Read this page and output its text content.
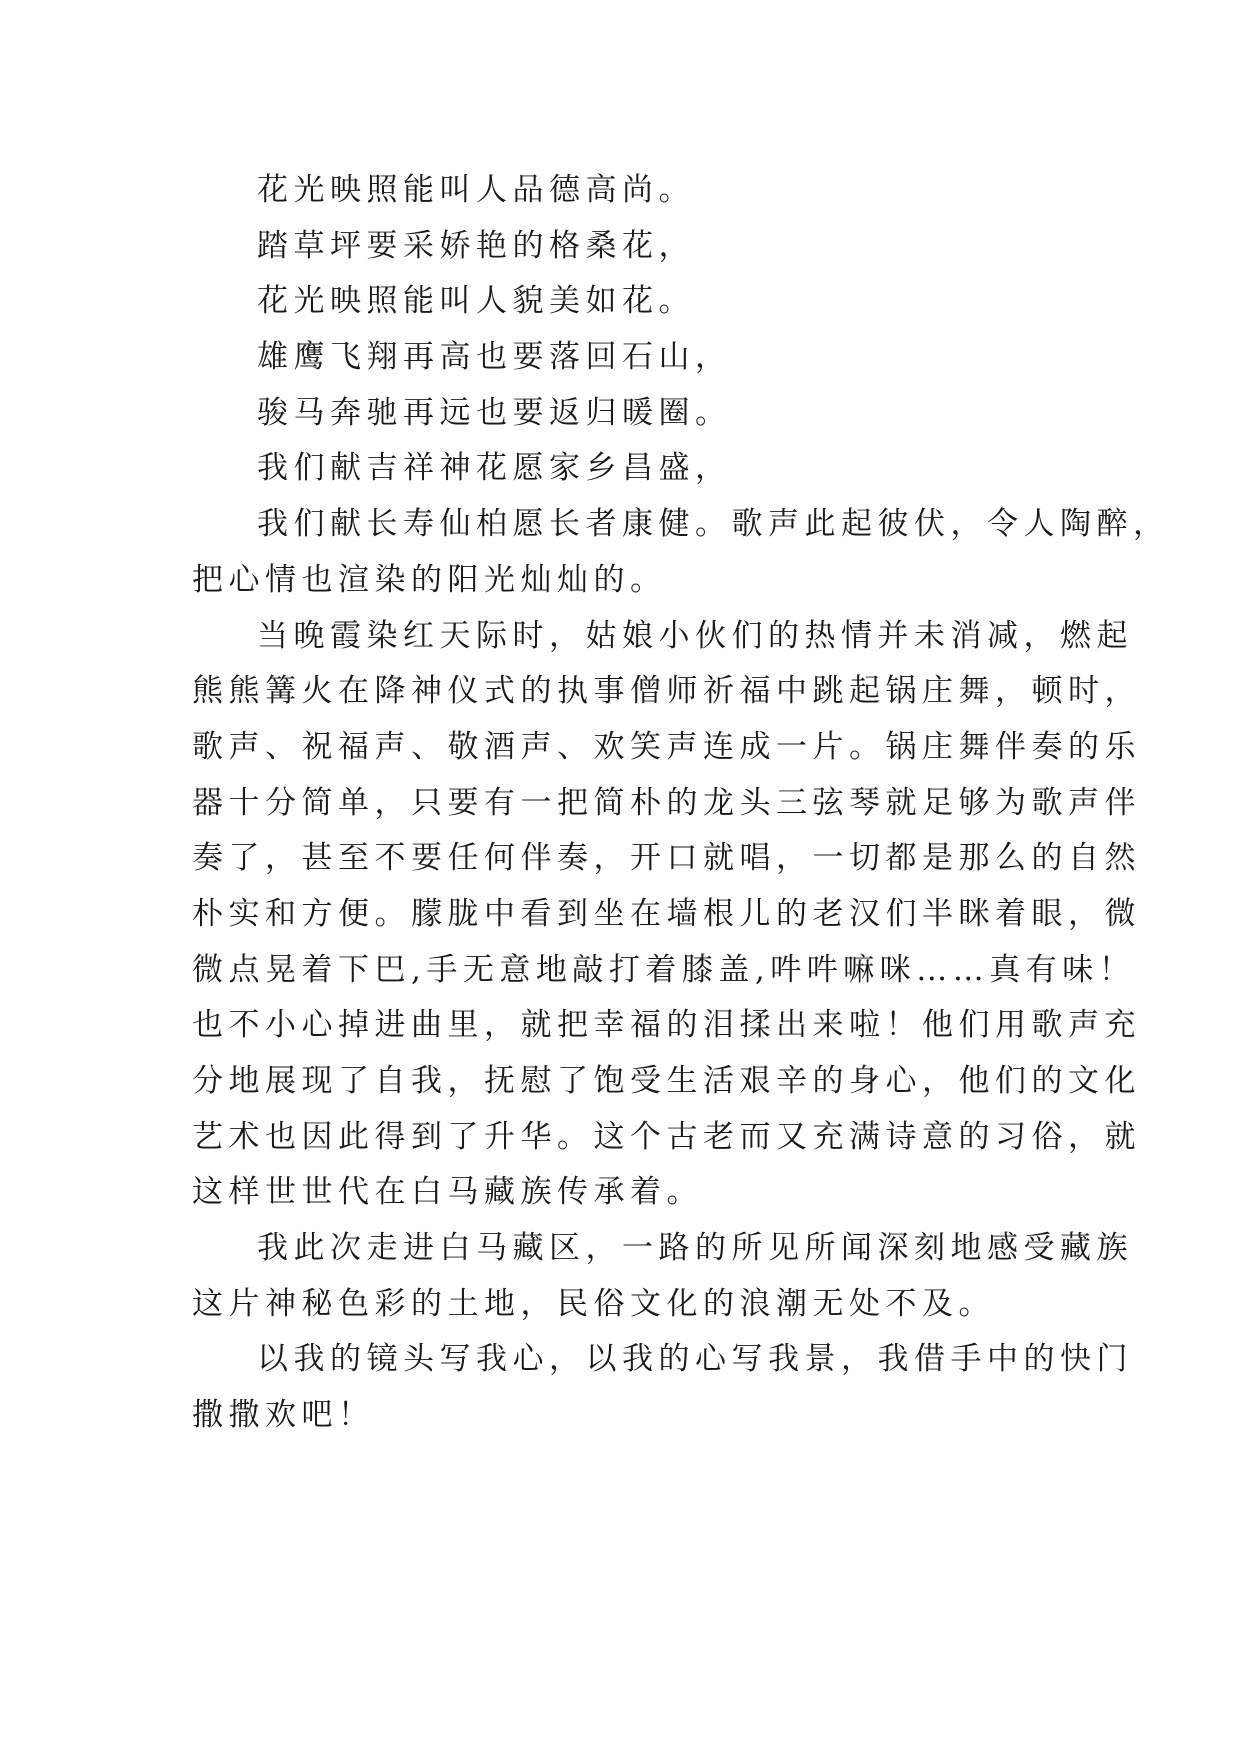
花光映照能叫人品德高尚。
踏草坪要采娇艳的格桑花，
花光映照能叫人貌美如花。
雄鹰飞翔再高也要落回石山，
骏马奔驰再远也要返归暖圈。
我们献吉祥神花愿家乡昌盛，
我们献长寿仙柏愿长者康健。歌声此起彼伏，令人陶醉，
把心情也渲染的阳光灿灿的。
当晚霞染红天际时，姑娘小伙们的热情并未消减，燃起
熊熊篝火在降神仪式的执事僧师祈福中跳起锅庄舞，顿时，
歌声、祝福声、敬酒声、欢笑声连成一片。锅庄舞伴奏的乐
器十分简单，只要有一把简朴的龙头三弦琴就足够为歌声伴
奏了，甚至不要任何伴奏，开口就唱，一切都是那么的自然
朴实和方便。朦胧中看到坐在墙根儿的老汉们半眯着眼，微
微点晃着下巴,手无意地敲打着膝盖,吽吽嘛咪……真有味！
也不小心掉进曲里，就把幸福的泪揉出来啦！他们用歌声充
分地展现了自我，抚慰了饱受生活艰辛的身心，他们的文化
艺术也因此得到了升华。这个古老而又充满诗意的习俗，就
这样世世代在白马藏族传承着。
我此次走进白马藏区，一路的所见所闻深刻地感受藏族
这片神秘色彩的土地，民俗文化的浪潮无处不及。
以我的镜头写我心，以我的心写我景，我借手中的快门
撒撒欢吧！
